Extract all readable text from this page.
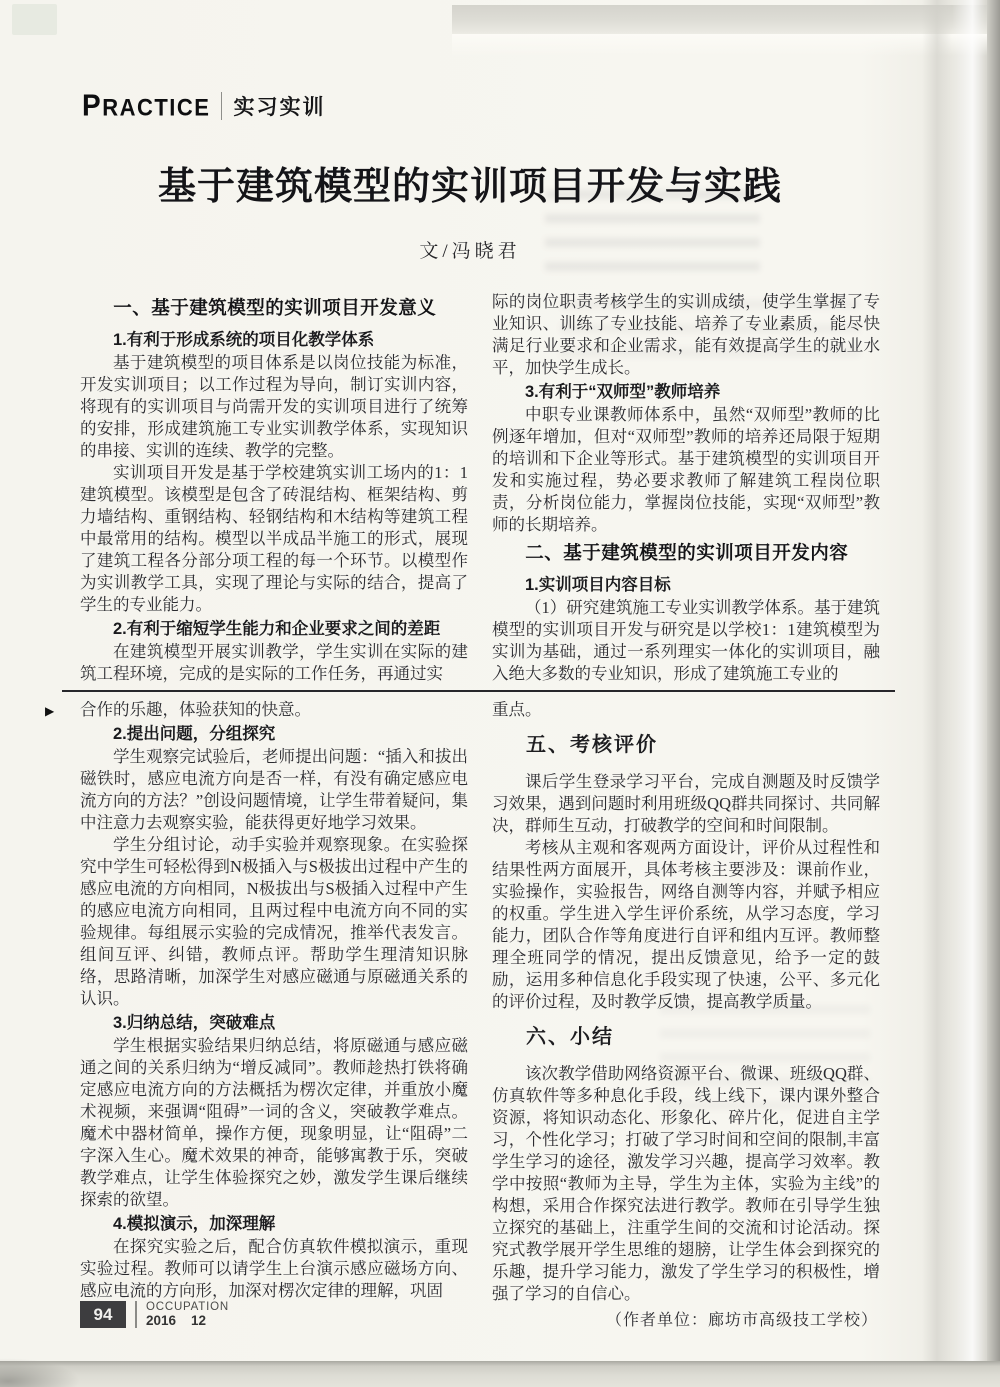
PRACTICE 实习实训
基于建筑模型的实训项目开发与实践
文/冯晓君
一、基于建筑模型的实训项目开发意义
1.有利于形成系统的项目化教学体系

基于建筑模型的项目体系是以岗位技能为标准，开发实训项目；以工作过程为导向，制订实训内容，将现有的实训项目与尚需开发的实训项目进行了统筹的安排，形成建筑施工专业实训教学体系，实现知识的串接、实训的连续、教学的完整。

实训项目开发是基于学校建筑实训工场内的1：1建筑模型。该模型是包含了砖混结构、框架结构、剪力墙结构、重钢结构、轻钢结构和木结构等建筑工程中最常用的结构。模型以半成品半施工的形式，展现了建筑工程各分部分项工程的每一个环节。以模型作为实训教学工具，实现了理论与实际的结合，提高了学生的专业能力。

2.有利于缩短学生能力和企业要求之间的差距

在建筑模型开展实训教学，学生实训在实际的建筑工程环境，完成的是实际的工作任务，再通过实

际的岗位职责考核学生的实训成绩，使学生掌握了专业知识、训练了专业技能、培养了专业素质，能尽快满足行业要求和企业需求，能有效提高学生的就业水平，加快学生成长。

3.有利于“双师型”教师培养

中职专业课教师体系中，虽然“双师型”教师的比例逐年增加，但对“双师型”教师的培养还局限于短期的培训和下企业等形式。基于建筑模型的实训项目开发和实施过程，势必要求教师了解建筑工程岗位职责，分析岗位能力，掌握岗位技能，实现“双师型”教师的长期培养。

二、基于建筑模型的实训项目开发内容
1.实训项目内容目标

（1）研究建筑施工专业实训教学体系。基于建筑模型的实训项目开发与研究是以学校1：1建筑模型为实训为基础，通过一系列理实一体化的实训项目，融入绝大多数的专业知识，形成了建筑施工专业的

▶ 合作的乐趣，体验获知的快意。

2.提出问题，分组探究

学生观察完试验后，老师提出问题：“插入和拔出磁铁时，感应电流方向是否一样，有没有确定感应电流方向的方法？”创设问题情境，让学生带着疑问，集中注意力去观察实验，能获得更好地学习效果。

学生分组讨论，动手实验并观察现象。在实验探究中学生可轻松得到N极插入与S极拔出过程中产生的感应电流的方向相同，N极拔出与S极插入过程中产生的感应电流方向相同，且两过程中电流方向不同的实验规律。每组展示实验的完成情况，推举代表发言。组间互评、纠错，教师点评。帮助学生理清知识脉络，思路清晰，加深学生对感应磁通与原磁通关系的认识。

3.归纳总结，突破难点

学生根据实验结果归纳总结，将原磁通与感应磁通之间的关系归纳为“增反减同”。教师趁热打铁将确定感应电流方向的方法概括为楞次定律，并重放小魔术视频，来强调“阻碍”一词的含义，突破教学难点。魔术中器材简单，操作方便，现象明显，让“阻碍”二字深入生心。魔术效果的神奇，能够寓教于乐，突破教学难点，让学生体验探究之妙，激发学生课后继续探索的欲望。

4.模拟演示，加深理解

在探究实验之后，配合仿真软件模拟演示，重现实验过程。教师可以请学生上台演示感应磁场方向、感应电流的方向形，加深对楞次定律的理解，巩固

重点。

五、考核评价

课后学生登录学习平台，完成自测题及时反馈学习效果，遇到问题时利用班级QQ群共同探讨、共同解决，群师生互动，打破教学的空间和时间限制。

考核从主观和客观两方面设计，评价从过程性和结果性两方面展开，具体考核主要涉及：课前作业，实验操作，实验报告，网络自测等内容，并赋予相应的权重。学生进入学生评价系统，从学习态度，学习能力，团队合作等角度进行自评和组内互评。教师整理全班同学的情况，提出反馈意见，给予一定的鼓励，运用多种信息化手段实现了快速，公平、多元化的评价过程，及时教学反馈，提高教学质量。

六、小结

该次教学借助网络资源平台、微课、班级QQ群、仿真软件等多种息化手段，线上线下，课内课外整合资源，将知识动态化、形象化、碎片化，促进自主学习，个性化学习；打破了学习时间和空间的限制,丰富学生学习的途径，激发学习兴趣，提高学习效率。教学中按照“教师为主导，学生为主体，实验为主线”的构想，采用合作探究法进行教学。教师在引导学生独立探究的基础上，注重学生间的交流和讨论活动。探究式教学展开学生思维的翅膀，让学生体会到探究的乐趣，提升学习能力，激发了学生学习的积极性，增强了学习的自信心。

（作者单位：廊坊市高级技工学校）

94	OCCUPATION
2016 12
